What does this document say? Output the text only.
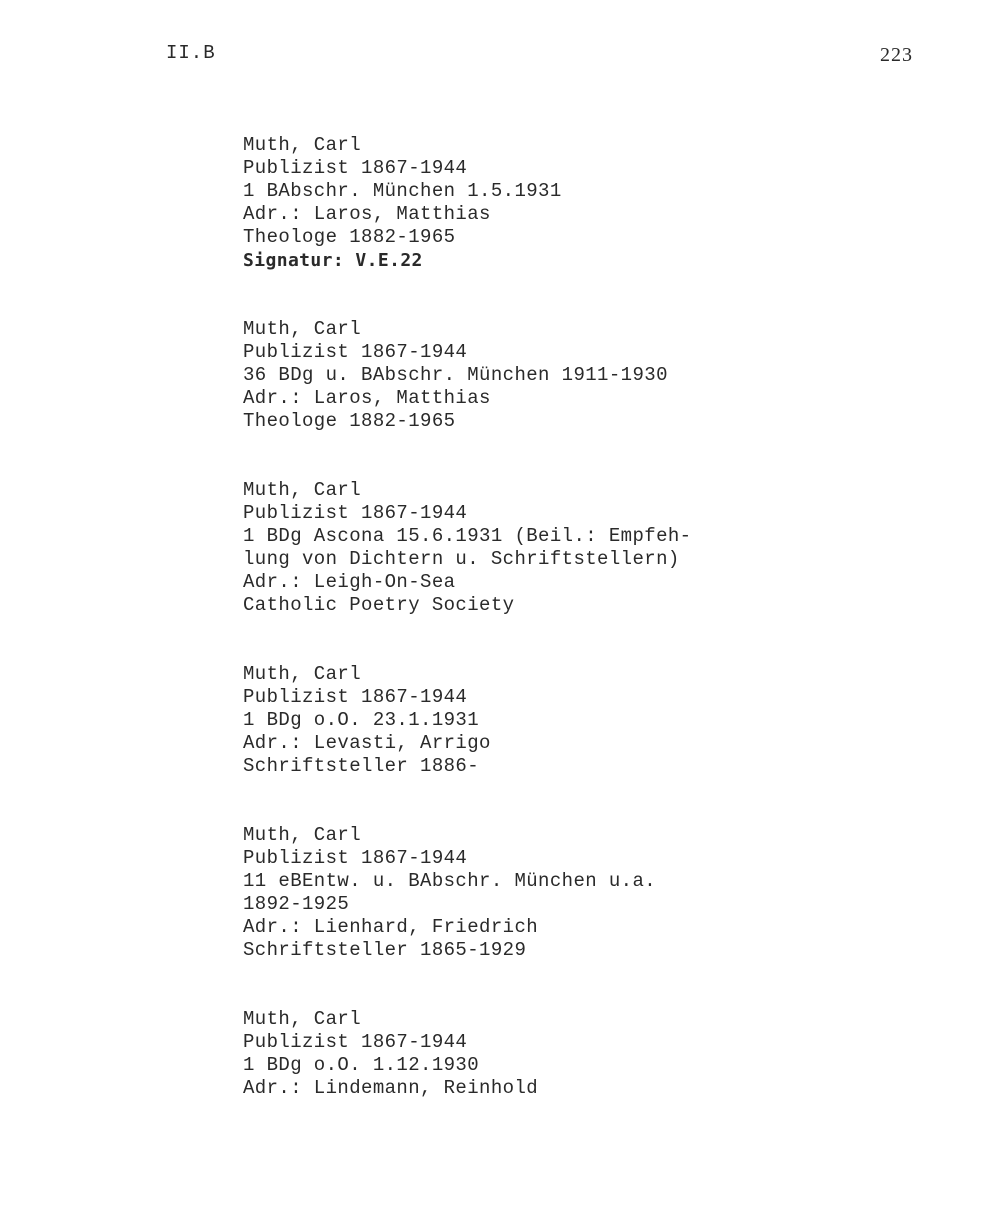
II.B	223
Muth, Carl
Publizist 1867-1944
1 BAbschr. München 1.5.1931
Adr.: Laros, Matthias
Theologe 1882-1965
Signatur: V.E.22
Muth, Carl
Publizist 1867-1944
36 BDg u. BAbschr. München 1911-1930
Adr.: Laros, Matthias
Theologe 1882-1965
Muth, Carl
Publizist 1867-1944
1 BDg Ascona 15.6.1931 (Beil.: Empfeh-
lung von Dichtern u. Schriftstellern)
Adr.: Leigh-On-Sea
Catholic Poetry Society
Muth, Carl
Publizist 1867-1944
1 BDg o.O. 23.1.1931
Adr.: Levasti, Arrigo
Schriftsteller 1886-
Muth, Carl
Publizist 1867-1944
11 eBEntw. u. BAbschr. München u.a.
1892-1925
Adr.: Lienhard, Friedrich
Schriftsteller 1865-1929
Muth, Carl
Publizist 1867-1944
1 BDg o.O. 1.12.1930
Adr.: Lindemann, Reinhold
